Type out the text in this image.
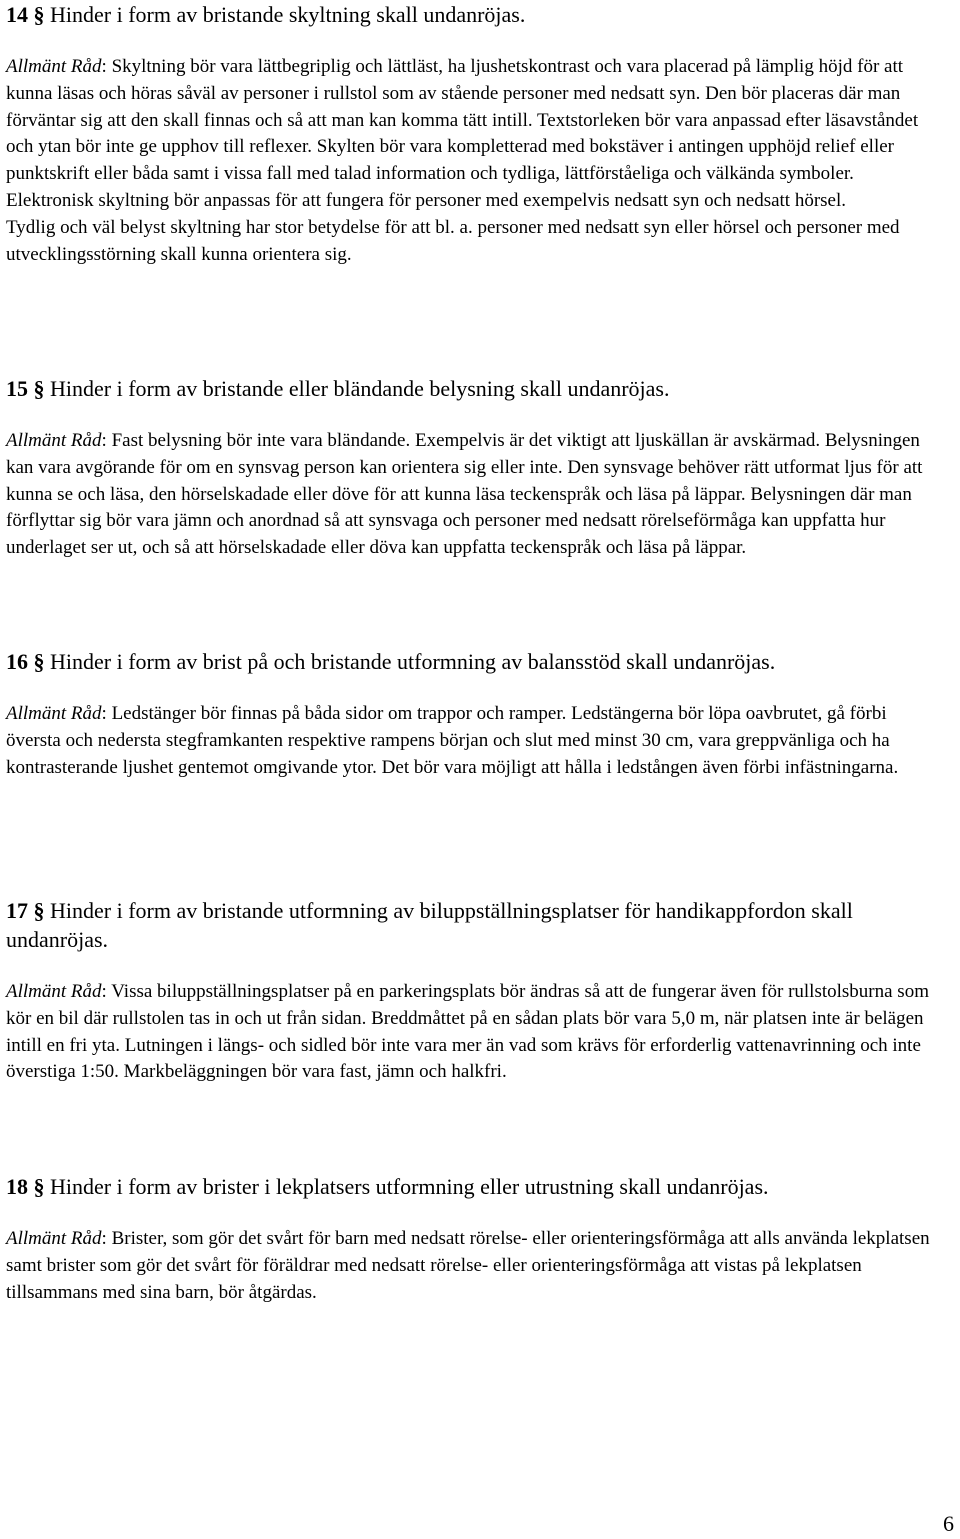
14 § Hinder i form av bristande skyltning skall undanröjas.

Allmänt Råd: Skyltning bör vara lättbegriplig och lättläst, ha ljushetskontrast och vara placerad på lämplig höjd för att kunna läsas och höras såväl av personer i rullstol som av stående personer med nedsatt syn. Den bör placeras där man förväntar sig att den skall finnas och så att man kan komma tätt intill. Textstorleken bör vara anpassad efter läsavståndet och ytan bör inte ge upphov till reflexer. Skylten bör vara kompletterad med bokstäver i antingen upphöjd relief eller punktskrift eller båda samt i vissa fall med talad information och tydliga, lättförståeliga och välkända symboler. Elektronisk skyltning bör anpassas för att fungera för personer med exempelvis nedsatt syn och nedsatt hörsel.

Tydlig och väl belyst skyltning har stor betydelse för att bl. a. personer med nedsatt syn eller hörsel och personer med utvecklingsstörning skall kunna orientera sig.

15 § Hinder i form av bristande eller bländande belysning skall undanröjas.

Allmänt Råd: Fast belysning bör inte vara bländande. Exempelvis är det viktigt att ljuskällan är avskärmad. Belysningen kan vara avgörande för om en synsvag person kan orientera sig eller inte. Den synsvage behöver rätt utformat ljus för att kunna se och läsa, den hörselskadade eller döve för att kunna läsa teckenspråk och läsa på läppar. Belysningen där man förflyttar sig bör vara jämn och anordnad så att synsvaga och personer med nedsatt rörelseförmåga kan uppfatta hur underlaget ser ut, och så att hörselskadade eller döva kan uppfatta teckenspråk och läsa på läppar.

16 § Hinder i form av brist på och bristande utformning av balansstöd skall undanröjas.

Allmänt Råd: Ledstänger bör finnas på båda sidor om trappor och ramper. Ledstängerna bör löpa oavbrutet, gå förbi översta och nedersta stegframkanten respektive rampens början och slut med minst 30 cm, vara greppvänliga och ha kontrasterande ljushet gentemot omgivande ytor. Det bör vara möjligt att hålla i ledstången även förbi infästningarna.

17 § Hinder i form av bristande utformning av biluppställningsplatser för handikappfordon skall undanröjas.

Allmänt Råd: Vissa biluppställningsplatser på en parkeringsplats bör ändras så att de fungerar även för rullstolsburna som kör en bil där rullstolen tas in och ut från sidan. Breddmåttet på en sådan plats bör vara 5,0 m, när platsen inte är belägen intill en fri yta. Lutningen i längs- och sidled bör inte vara mer än vad som krävs för erforderlig vattenavrinning och inte överstiga 1:50. Markbeläggningen bör vara fast, jämn och halkfri.

18 § Hinder i form av brister i lekplatsers utformning eller utrustning skall undanröjas.

Allmänt Råd: Brister, som gör det svårt för barn med nedsatt rörelse- eller orienteringsförmåga att alls använda lekplatsen samt brister som gör det svårt för föräldrar med nedsatt rörelse- eller orienteringsförmåga att vistas på lekplatsen tillsammans med sina barn, bör åtgärdas.

6
